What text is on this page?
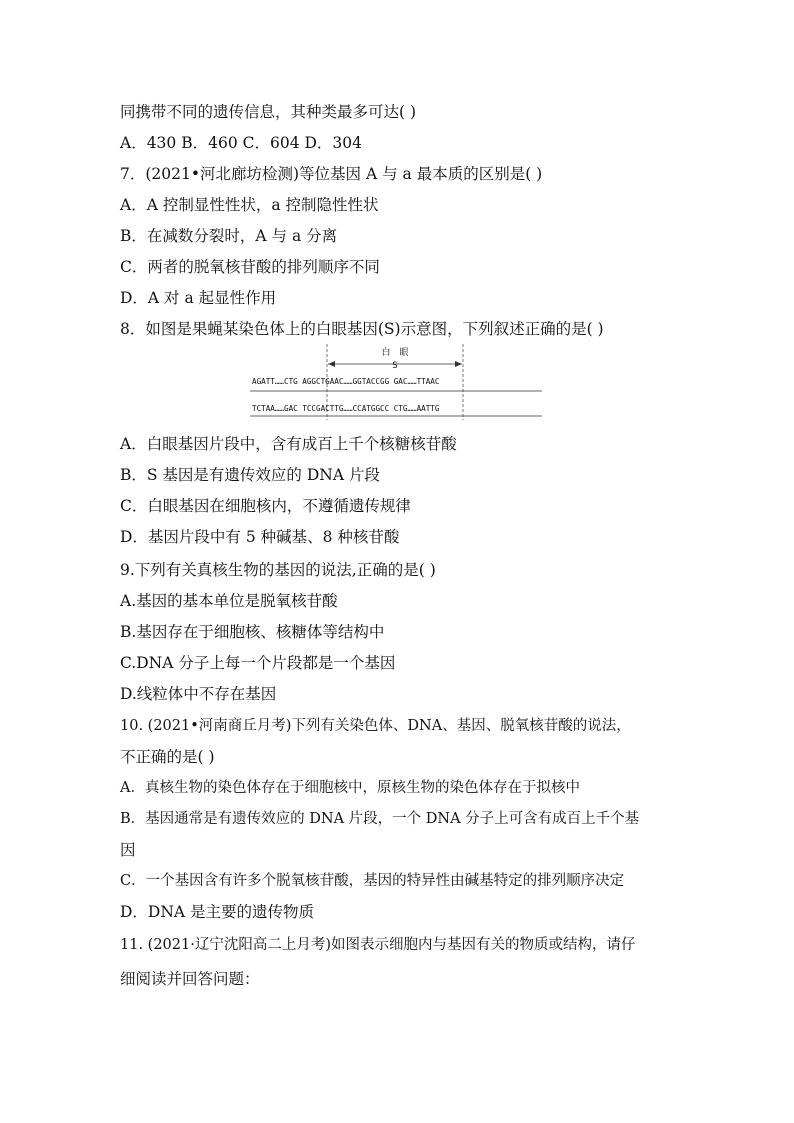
同携带不同的遗传信息，其种类最多可达( )
A．430 B．460 C．604 D．304
7．(2021•河北廊坊检测)等位基因 A 与 a 最本质的区别是( )
A．A 控制显性性状，a 控制隐性性状
B．在减数分裂时，A 与 a 分离
C．两者的脱氧核苷酸的排列顺序不同
D．A 对 a 起显性作用
8．如图是果蝇某染色体上的白眼基因(S)示意图，下列叙述正确的是( )
白　眼
S
AGATT……CTG AGGCTGAAC……GGTACCGG GAC……TTAAC
TCTAA……GAC TCCGACTTG……CCATGGCC CTG……AATTG
A．白眼基因片段中，含有成百上千个核糖核苷酸
B．S 基因是有遗传效应的 DNA 片段
C．白眼基因在细胞核内，不遵循遗传规律
D．基因片段中有 5 种碱基、8 种核苷酸
9.下列有关真核生物的基因的说法,正确的是( )
A.基因的基本单位是脱氧核苷酸
B.基因存在于细胞核、核糖体等结构中
C.DNA 分子上每一个片段都是一个基因
D.线粒体中不存在基因
10. (2021•河南商丘月考)下列有关染色体、DNA、基因、脱氧核苷酸的说法，
不正确的是( )
A．真核生物的染色体存在于细胞核中，原核生物的染色体存在于拟核中
B．基因通常是有遗传效应的 DNA 片段，一个 DNA 分子上可含有成百上千个基
因
C．一个基因含有许多个脱氧核苷酸，基因的特异性由碱基特定的排列顺序决定
D．DNA 是主要的遗传物质
11. (2021·辽宁沈阳高二上月考)如图表示细胞内与基因有关的物质或结构，请仔
细阅读并回答问题：
